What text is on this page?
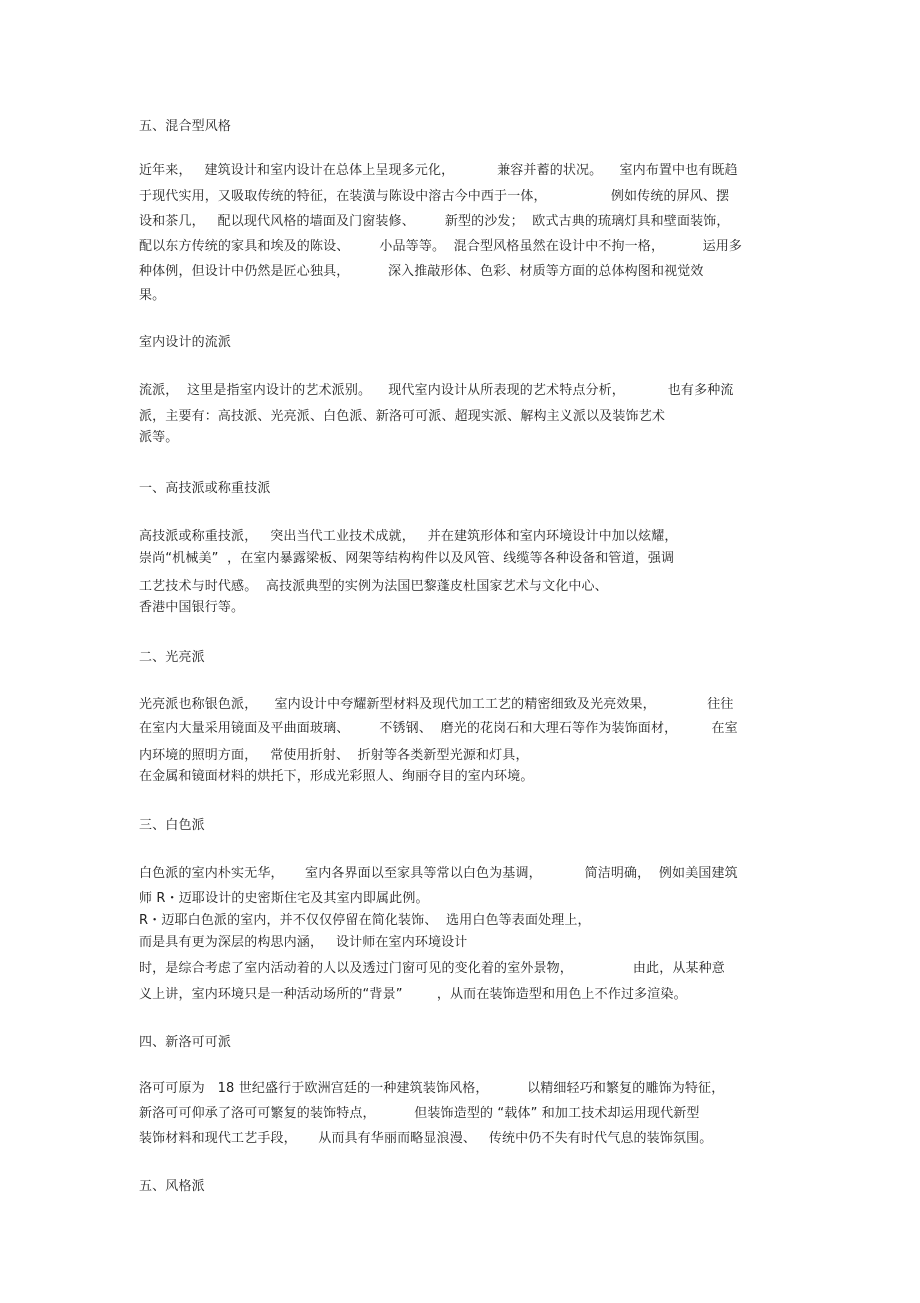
五、混合型风格

近年来，   建筑设计和室内设计在总体上呈现多元化，          兼容并蓄的状况。    室内布置中也有既趋

于现代实用，又吸取传统的特征，在装潢与陈设中溶古今中西于一体，               例如传统的屏风、摆

设和茶几，   配以现代风格的墙面及门窗装修、       新型的沙发；  欧式古典的琉璃灯具和壁面装饰，

配以东方传统的家具和埃及的陈设、       小品等等。  混合型风格虽然在设计中不拘一格，         运用多

种体例，但设计中仍然是匠心独具，         深入推敲形体、色彩、材质等方面的总体构图和视觉效

果。

室内设计的流派

流派，  这里是指室内设计的艺术派别。    现代室内设计从所表现的艺术特点分析，          也有多种流

派，主要有：高技派、光亮派、白色派、新洛可可派、超现实派、解构主义派以及装饰艺术

派等。

一、高技派或称重技派

高技派或称重技派，   突出当代工业技术成就，   并在建筑形体和室内环境设计中加以炫耀，

崇尚“机械美”  ，在室内暴露梁板、网架等结构构件以及风管、线缆等各种设备和管道，强调

工艺技术与时代感。  高技派典型的实例为法国巴黎蓬皮杜国家艺术与文化中心、

香港中国银行等。

二、光亮派

光亮派也称银色派，    室内设计中夸耀新型材料及现代加工工艺的精密细致及光亮效果，            往往

在室内大量采用镜面及平曲面玻璃、       不锈钢、  磨光的花岗石和大理石等作为装饰面材，        在室

内环境的照明方面，   常使用折射、  折射等各类新型光源和灯具，

在金属和镜面材料的烘托下，形成光彩照人、绚丽夺目的室内环境。

三、白色派

白色派的室内朴实无华，     室内各界面以至家具等常以白色为基调，          简洁明确，  例如美国建筑

师 R・迈耶设计的史密斯住宅及其室内即属此例。

R・迈耶白色派的室内，并不仅仅停留在简化装饰、  选用白色等表面处理上，

而是具有更为深层的构思内涵，   设计师在室内环境设计

时，是综合考虑了室内活动着的人以及透过门窗可见的变化着的室外景物，              由此，从某种意

义上讲，室内环境只是一种活动场所的“背景”        ，从而在装饰造型和用色上不作过多渲染。

四、新洛可可派

洛可可原为   18 世纪盛行于欧洲宫廷的一种建筑装饰风格，         以精细轻巧和繁复的雕饰为特征，

新洛可可仰承了洛可可繁复的装饰特点，         但装饰造型的 “载体” 和加工技术却运用现代新型

装饰材料和现代工艺手段，     从而具有华丽而略显浪漫、   传统中仍不失有时代气息的装饰氛围。

五、风格派
